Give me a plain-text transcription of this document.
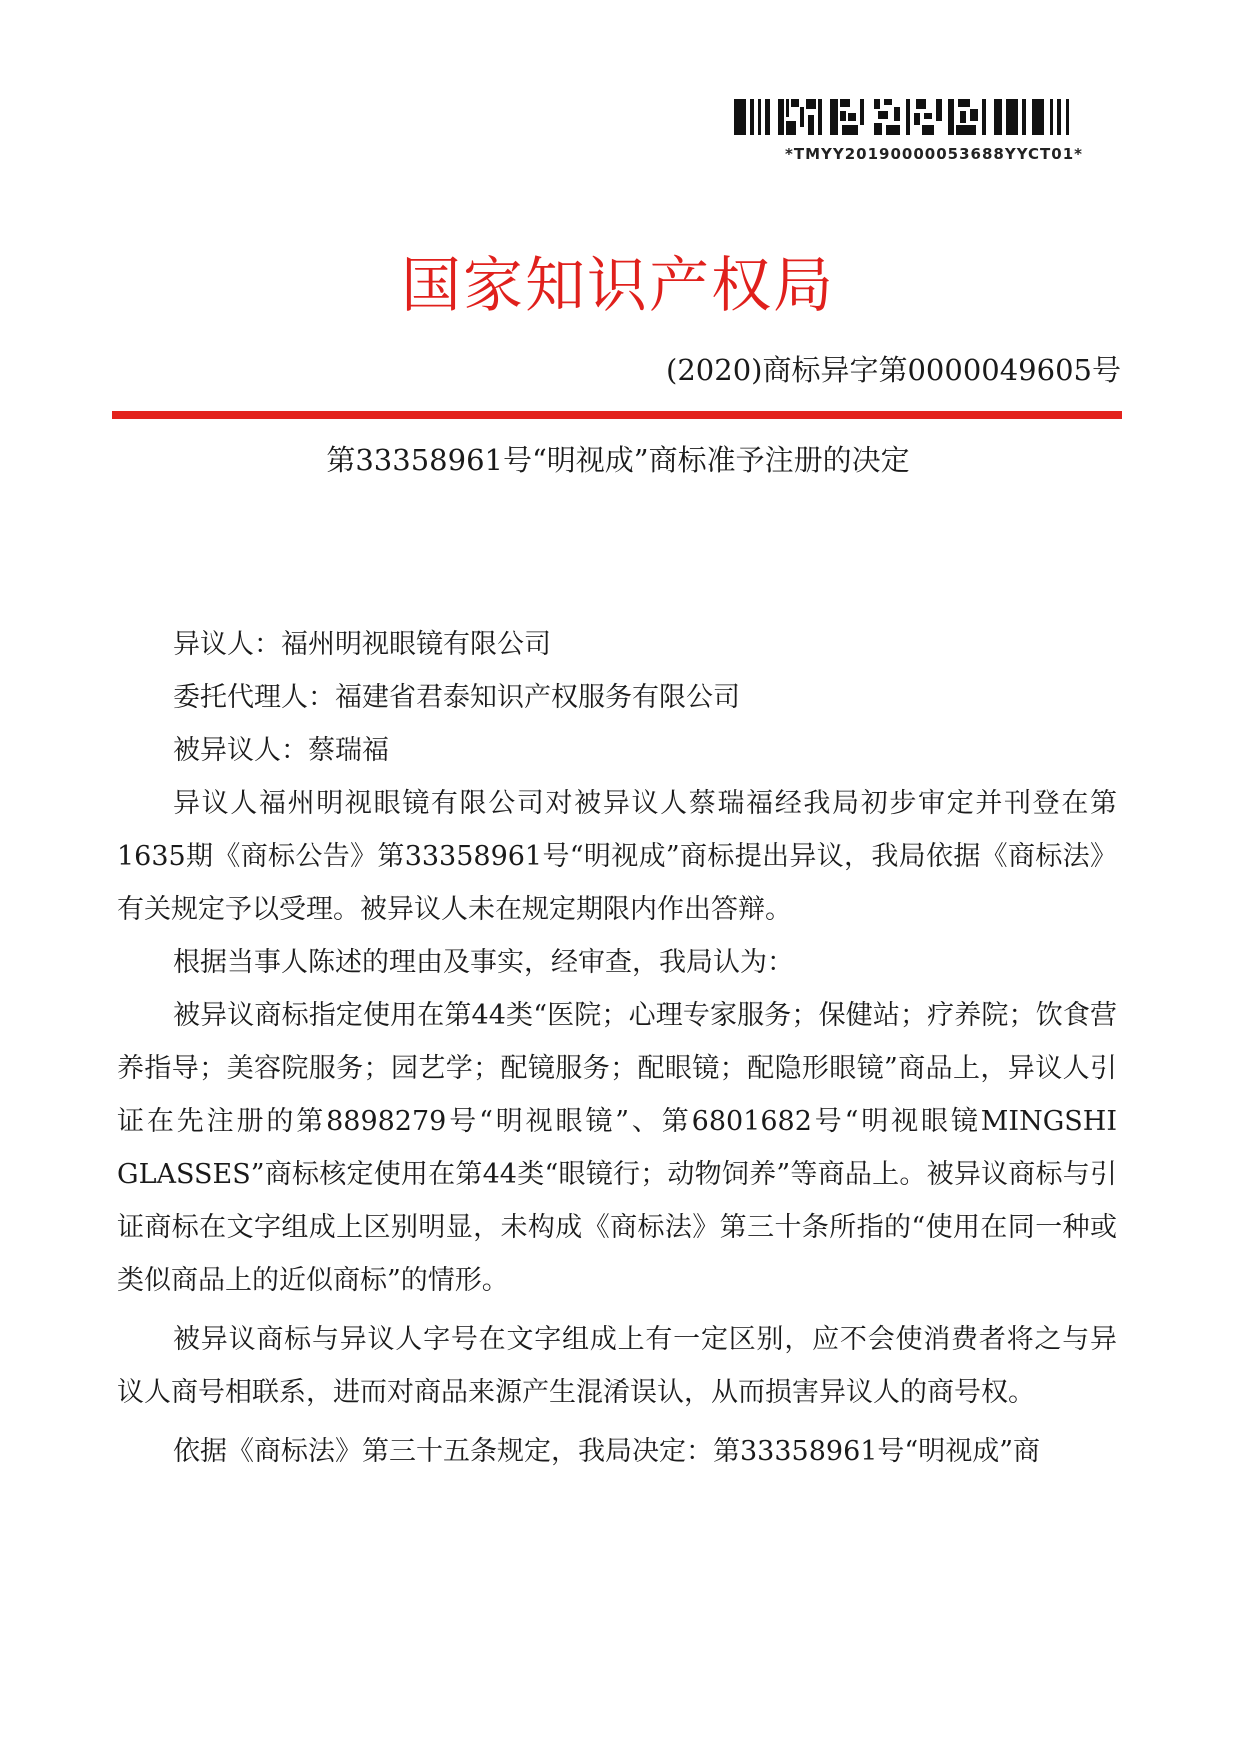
*TMYY20190000053688YYCT01*
国家知识产权局
(2020)商标异字第0000049605号
第33358961号“明视成”商标准予注册的决定

异议人：福州明视眼镜有限公司

委托代理人：福建省君泰知识产权服务有限公司

被异议人：蔡瑞福

异议人福州明视眼镜有限公司对被异议人蔡瑞福经我局初步审定并刊登在第1635期《商标公告》第33358961号“明视成”商标提出异议，我局依据《商标法》有关规定予以受理。被异议人未在规定期限内作出答辩。

根据当事人陈述的理由及事实，经审查，我局认为：

被异议商标指定使用在第44类“医院；心理专家服务；保健站；疗养院；饮食营养指导；美容院服务；园艺学；配镜服务；配眼镜；配隐形眼镜”商品上，异议人引证在先注册的第8898279号“明视眼镜”、第6801682号“明视眼镜MINGSHI　GLASSES”商标核定使用在第44类“眼镜行；动物饲养”等商品上。被异议商标与引证商标在文字组成上区别明显，未构成《商标法》第三十条所指的“使用在同一种或类似商品上的近似商标”的情形。

被异议商标与异议人字号在文字组成上有一定区别，应不会使消费者将之与异议人商号相联系，进而对商品来源产生混淆误认，从而损害异议人的商号权。

依据《商标法》第三十五条规定，我局决定：第33358961号“明视成”商
